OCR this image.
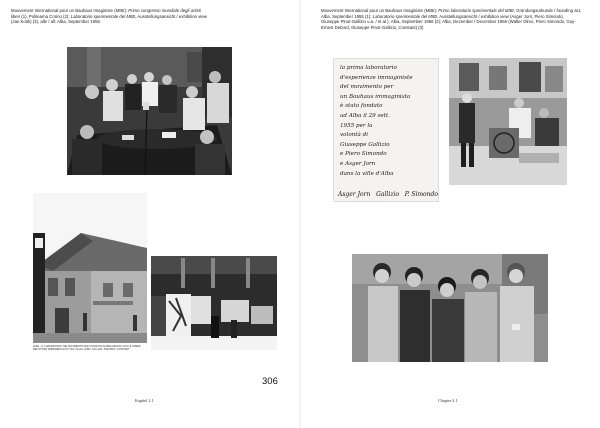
Mouvement International pour un Bauhaus Imaginiste (MIBI): Primo congresso mondiale degli artisti liberi (1), Politeama Corino (2); Laboratorio sperimentale del MIBI, Ausstellungsansicht / exhibition view (Jan Kotik) (3), alle / all: Alba, September 1956
ALBA - IL "LABORATORIO" DEL MOVIMENTO PER UN BAUHAUS IMMAGINISTA, CON LE OPERE DEI PITTORI SPERIMENTALISTI TRA I QUALI JORN, GALLIZIO, SIMONDO, CONSTANT...
306
Kapitel 2.1
Mouvement International pour un Bauhaus Imaginiste (MIBI): Primo laboratorio sperimentale del MIBI, Gründungsurkunde / founding act, Alba, September 1955 (1); Laboratorio sperimentale del MIBI, Ausstellungsansicht / exhibition view (Asger Jorn, Piero Simondo, Giuseppe Pinot-Gallizio u.a. / et al.), Alba, September 1956 (2); Alba, Dezember / December 1956 (Walter Olmo, Piero Simondo, Guy-Ernest Debord, Giuseppe Pinot-Gallizio, Constant) (3)
la prima laboratorio
d'esperienze immaginiste
del movimento per
un Bauhaus immaginista
è stato fondato
ad Alba il 29 sett.
1955 per la
volontà di
Giuseppe Gallizio
e Piero Simondo
e Asger Jorn
dans la ville d'Alba
Asger Jorn Gallizio P. Simondo
Chapter 2.1
